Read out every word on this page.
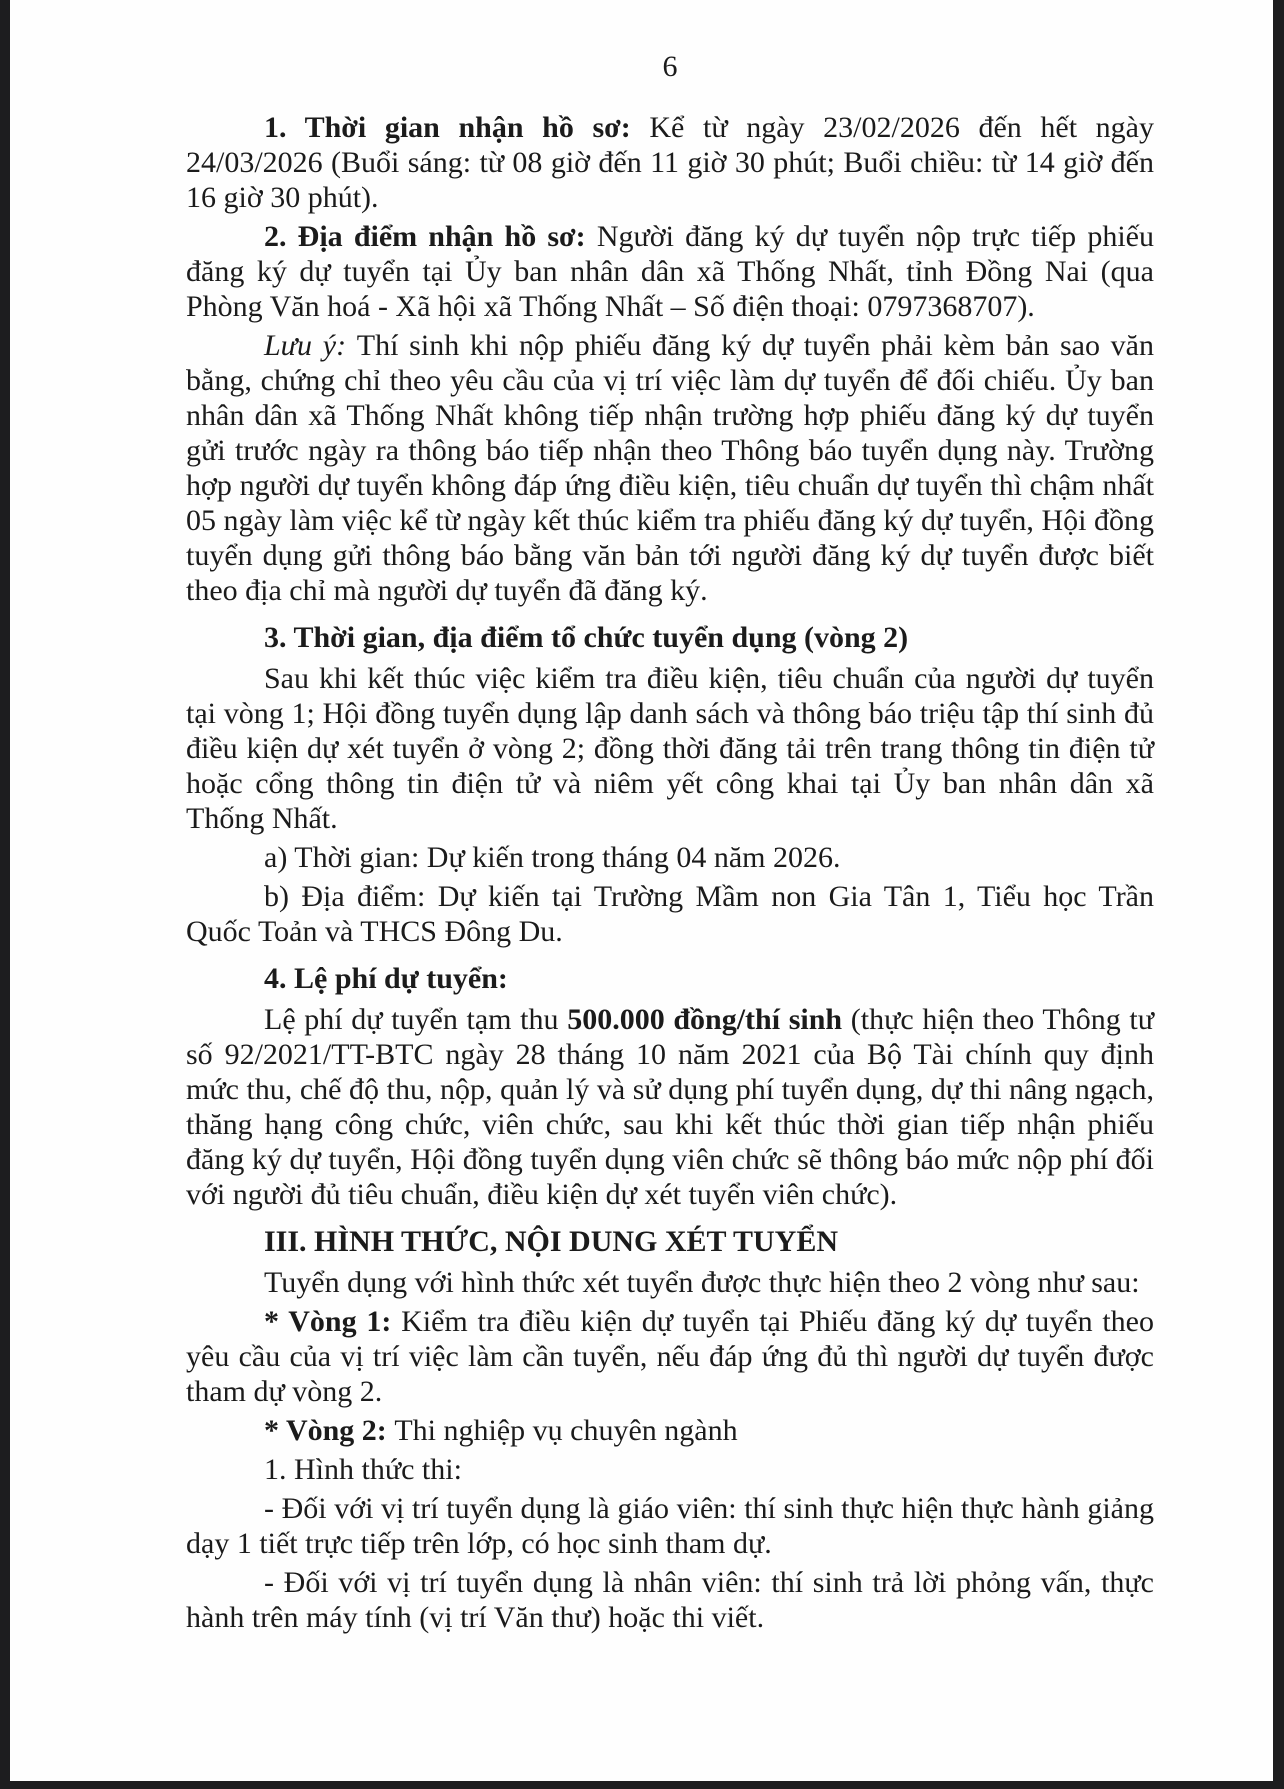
6

1. Thời gian nhận hồ sơ: Kể từ ngày 23/02/2026 đến hết ngày 24/03/2026 (Buổi sáng: từ 08 giờ đến 11 giờ 30 phút; Buổi chiều: từ 14 giờ đến 16 giờ 30 phút).

2. Địa điểm nhận hồ sơ: Người đăng ký dự tuyển nộp trực tiếp phiếu đăng ký dự tuyển tại Ủy ban nhân dân xã Thống Nhất, tỉnh Đồng Nai (qua Phòng Văn hoá - Xã hội xã Thống Nhất – Số điện thoại: 0797368707).

Lưu ý: Thí sinh khi nộp phiếu đăng ký dự tuyển phải kèm bản sao văn bằng, chứng chỉ theo yêu cầu của vị trí việc làm dự tuyển để đối chiếu. Ủy ban nhân dân xã Thống Nhất không tiếp nhận trường hợp phiếu đăng ký dự tuyển gửi trước ngày ra thông báo tiếp nhận theo Thông báo tuyển dụng này. Trường hợp người dự tuyển không đáp ứng điều kiện, tiêu chuẩn dự tuyển thì chậm nhất 05 ngày làm việc kể từ ngày kết thúc kiểm tra phiếu đăng ký dự tuyển, Hội đồng tuyển dụng gửi thông báo bằng văn bản tới người đăng ký dự tuyển được biết theo địa chỉ mà người dự tuyển đã đăng ký.

3. Thời gian, địa điểm tổ chức tuyển dụng (vòng 2)

Sau khi kết thúc việc kiểm tra điều kiện, tiêu chuẩn của người dự tuyển tại vòng 1; Hội đồng tuyển dụng lập danh sách và thông báo triệu tập thí sinh đủ điều kiện dự xét tuyển ở vòng 2; đồng thời đăng tải trên trang thông tin điện tử hoặc cổng thông tin điện tử và niêm yết công khai tại Ủy ban nhân dân xã Thống Nhất.

a) Thời gian: Dự kiến trong tháng 04 năm 2026.

b) Địa điểm: Dự kiến tại Trường Mầm non Gia Tân 1, Tiểu học Trần Quốc Toản và THCS Đông Du.

4. Lệ phí dự tuyển:

Lệ phí dự tuyển tạm thu 500.000 đồng/thí sinh (thực hiện theo Thông tư số 92/2021/TT-BTC ngày 28 tháng 10 năm 2021 của Bộ Tài chính quy định mức thu, chế độ thu, nộp, quản lý và sử dụng phí tuyển dụng, dự thi nâng ngạch, thăng hạng công chức, viên chức, sau khi kết thúc thời gian tiếp nhận phiếu đăng ký dự tuyển, Hội đồng tuyển dụng viên chức sẽ thông báo mức nộp phí đối với người đủ tiêu chuẩn, điều kiện dự xét tuyển viên chức).

III. HÌNH THỨC, NỘI DUNG XÉT TUYỂN

Tuyển dụng với hình thức xét tuyển được thực hiện theo 2 vòng như sau:

* Vòng 1: Kiểm tra điều kiện dự tuyển tại Phiếu đăng ký dự tuyển theo yêu cầu của vị trí việc làm cần tuyển, nếu đáp ứng đủ thì người dự tuyển được tham dự vòng 2.

* Vòng 2: Thi nghiệp vụ chuyên ngành

1. Hình thức thi:

- Đối với vị trí tuyển dụng là giáo viên: thí sinh thực hiện thực hành giảng dạy 1 tiết trực tiếp trên lớp, có học sinh tham dự.

- Đối với vị trí tuyển dụng là nhân viên: thí sinh trả lời phỏng vấn, thực hành trên máy tính (vị trí Văn thư) hoặc thi viết.
